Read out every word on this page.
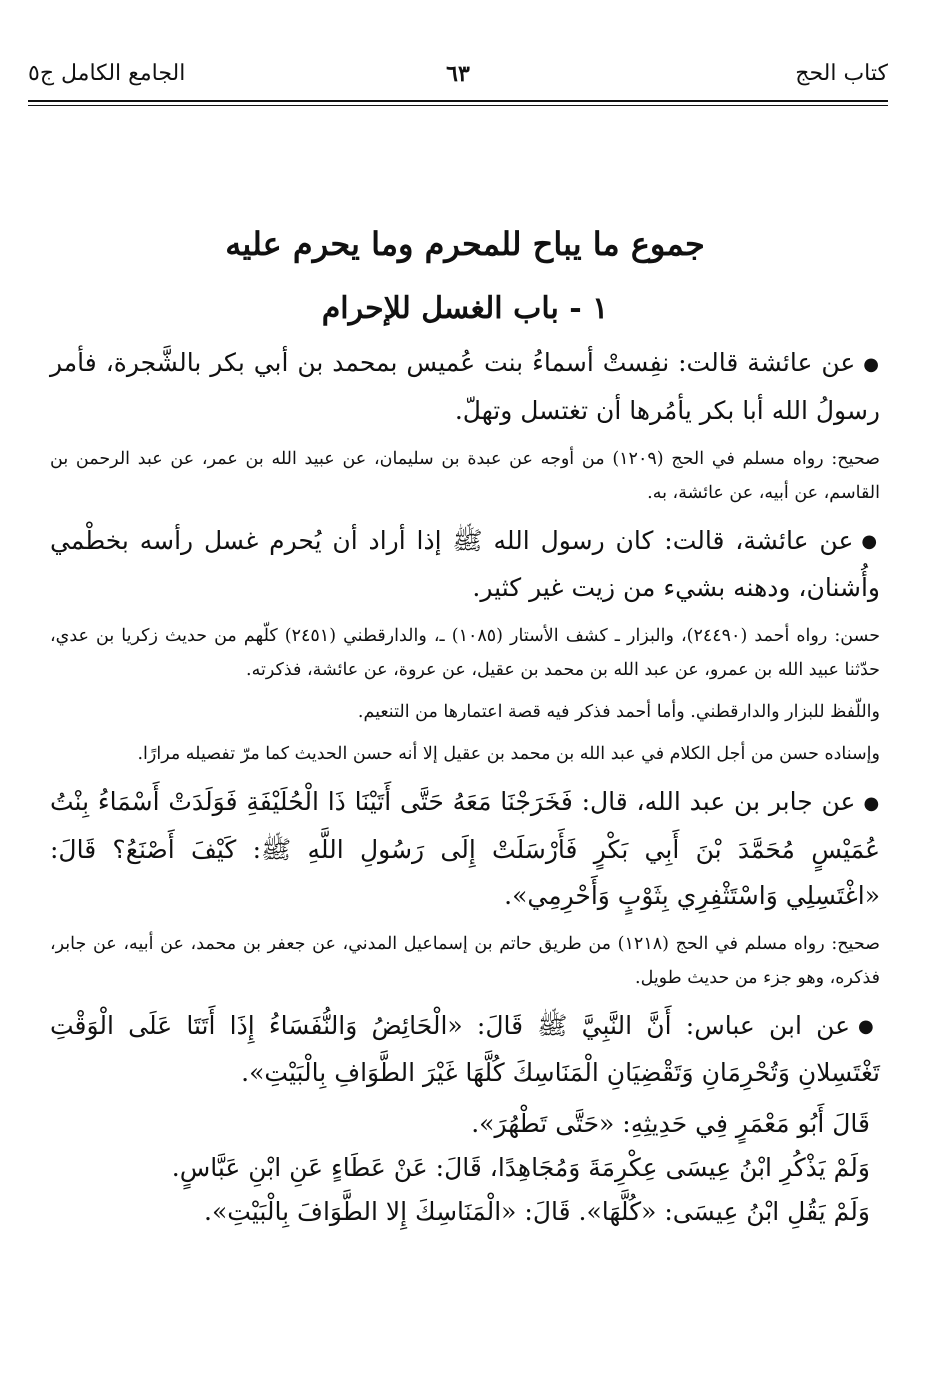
كتاب الحج
٦٣
الجامع الكامل ج٥
جموع ما يباح للمحرم وما يحرم عليه
١ - باب الغسل للإحرام

●عن عائشة قالت: نفِستْ أسماءُ بنت عُميس بمحمد بن أبي بكر بالشَّجرة، فأمر رسولُ الله أبا بكر يأمُرها أن تغتسل وتهلّ.

صحيح: رواه مسلم في الحج (١٢٠٩) من أوجه عن عبدة بن سليمان، عن عبيد الله بن عمر، عن عبد الرحمن بن القاسم، عن أبيه، عن عائشة، به.

●عن عائشة، قالت: كان رسول الله ﷺ إذا أراد أن يُحرم غسل رأسه بخطْمي وأُشنان، ودهنه بشيء من زيت غير كثير.

حسن: رواه أحمد (٢٤٤٩٠)، والبزار ـ كشف الأستار (١٠٨٥) ـ، والدارقطني (٢٤٥١) كلّهم من حديث زكريا بن عدي، حدّثنا عبيد الله بن عمرو، عن عبد الله بن محمد بن عقيل، عن عروة، عن عائشة، فذكرته.

واللّفظ للبزار والدارقطني. وأما أحمد فذكر فيه قصة اعتمارها من التنعيم.

وإسناده حسن من أجل الكلام في عبد الله بن محمد بن عقيل إلا أنه حسن الحديث كما مرّ تفصيله مرارًا.

●عن جابر بن عبد الله، قال: فَخَرَجْنَا مَعَهُ حَتَّى أَتَيْنَا ذَا الْحُلَيْفَةِ فَوَلَدَتْ أَسْمَاءُ بِنْتُ عُمَيْسٍ مُحَمَّدَ بْنَ أَبِي بَكْرٍ فَأَرْسَلَتْ إِلَى رَسُولِ اللَّهِ ﷺ: كَيْفَ أَصْنَعُ؟ قَالَ: «اغْتَسِلِي وَاسْتَثْفِرِي بِثَوْبٍ وَأَحْرِمِي».

صحيح: رواه مسلم في الحج (١٢١٨) من طريق حاتم بن إسماعيل المدني، عن جعفر بن محمد، عن أبيه، عن جابر، فذكره، وهو جزء من حديث طويل.

●عن ابن عباس: أَنَّ النَّبِيَّ ﷺ قَالَ: «الْحَائِضُ وَالنُّفَسَاءُ إِذَا أَتَتَا عَلَى الْوَقْتِ تَغْتَسِلانِ وَتُحْرِمَانِ وَتَقْضِيَانِ الْمَنَاسِكَ كُلَّهَا غَيْرَ الطَّوَافِ بِالْبَيْتِ».

قَالَ أَبُو مَعْمَرٍ فِي حَدِيثِهِ: «حَتَّى تَطْهُرَ».

وَلَمْ يَذْكُرِ ابْنُ عِيسَى عِكْرِمَةَ وَمُجَاهِدًا، قَالَ: عَنْ عَطَاءٍ عَنِ ابْنِ عَبَّاسٍ.

وَلَمْ يَقُلِ ابْنُ عِيسَى: «كُلَّهَا». قَالَ: «الْمَنَاسِكَ إِلا الطَّوَافَ بِالْبَيْتِ».
